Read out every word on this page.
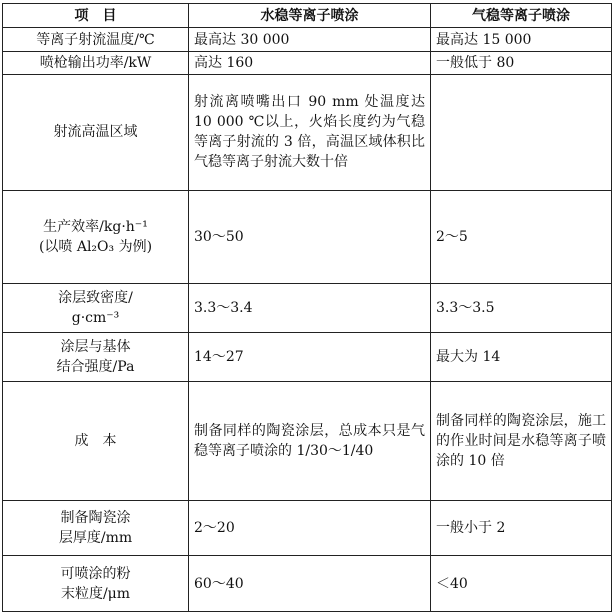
项　目	水稳等离子喷涂	气稳等离子喷涂
等离子射流温度/℃	最高达 30 000	最高达 15 000
喷枪输出功率/kW	高达 160	一般低于 80
射流高温区域	射流离喷嘴出口 90 mm 处温度达 10 000 ℃以上，火焰长度约为气稳等离子射流的 3 倍，高温区域体积比气稳等离子射流大数十倍	
生产效率/kg·h⁻¹
(以喷 Al₂O₃ 为例)	30～50	2～5
涂层致密度/
g·cm⁻³	3.3～3.4	3.3～3.5
涂层与基体
结合强度/Pa	14～27	最大为 14
成　本	制备同样的陶瓷涂层，总成本只是气稳等离子喷涂的 1/30～1/40	制备同样的陶瓷涂层，施工的作业时间是水稳等离子喷涂的 10 倍
制备陶瓷涂
层厚度/mm	2～20	一般小于 2
可喷涂的粉
末粒度/μm	60～40	＜40
